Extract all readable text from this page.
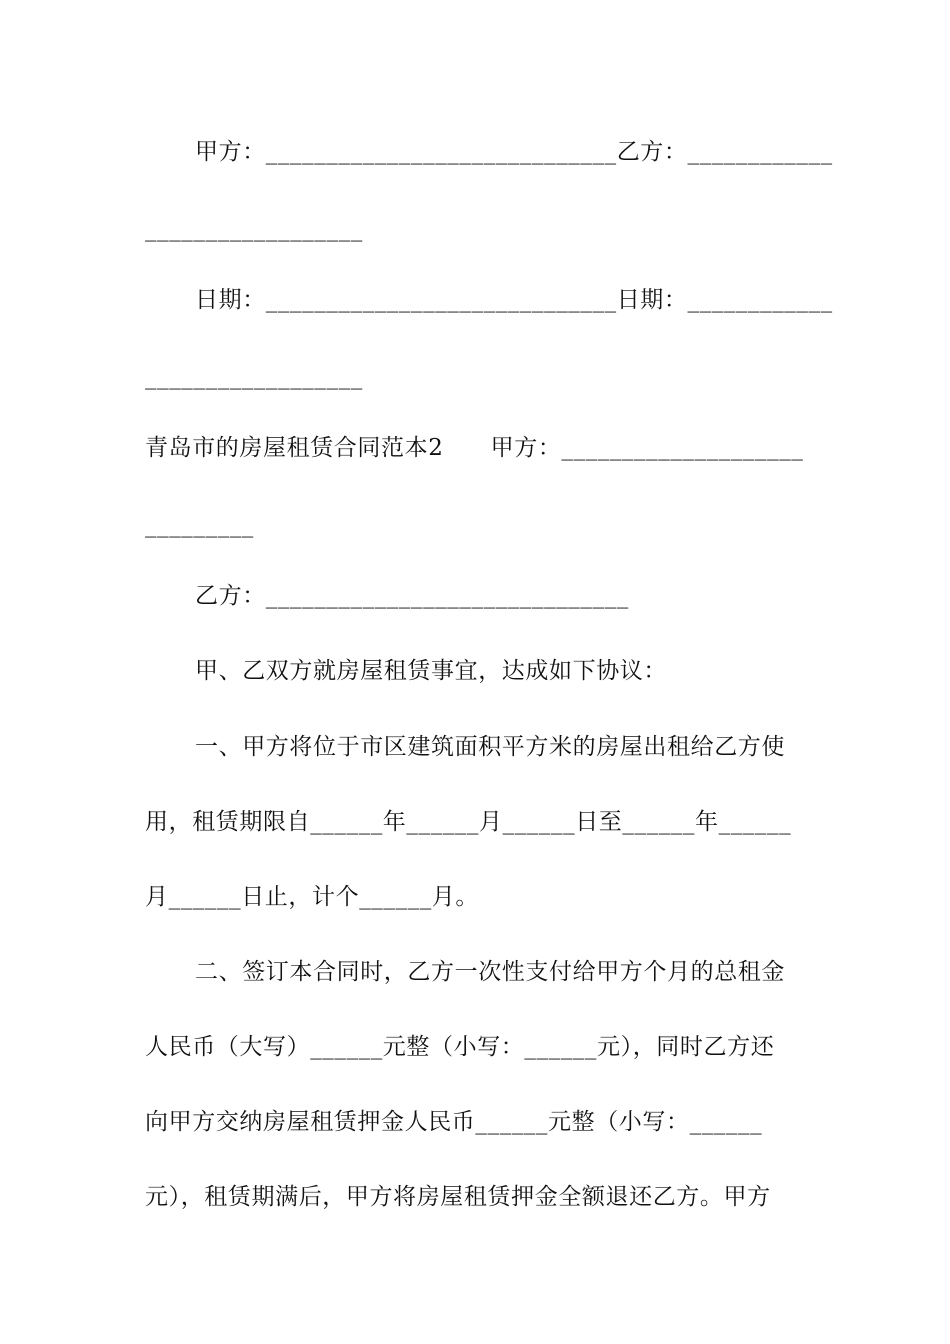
甲方：_____________________________乙方：____________
__________________
日期：_____________________________日期：____________
__________________
青岛市的房屋租赁合同范本2　　甲方：____________________
_________
乙方：______________________________
甲、乙双方就房屋租赁事宜，达成如下协议：
一、甲方将位于市区建筑面积平方米的房屋出租给乙方使
用，租赁期限自______年______月______日至______年______
月______日止，计个______月。
二、签订本合同时，乙方一次性支付给甲方个月的总租金
人民币（大写）______元整（小写：______元），同时乙方还
向甲方交纳房屋租赁押金人民币______元整（小写：______
元），租赁期满后，甲方将房屋租赁押金全额退还乙方。甲方
